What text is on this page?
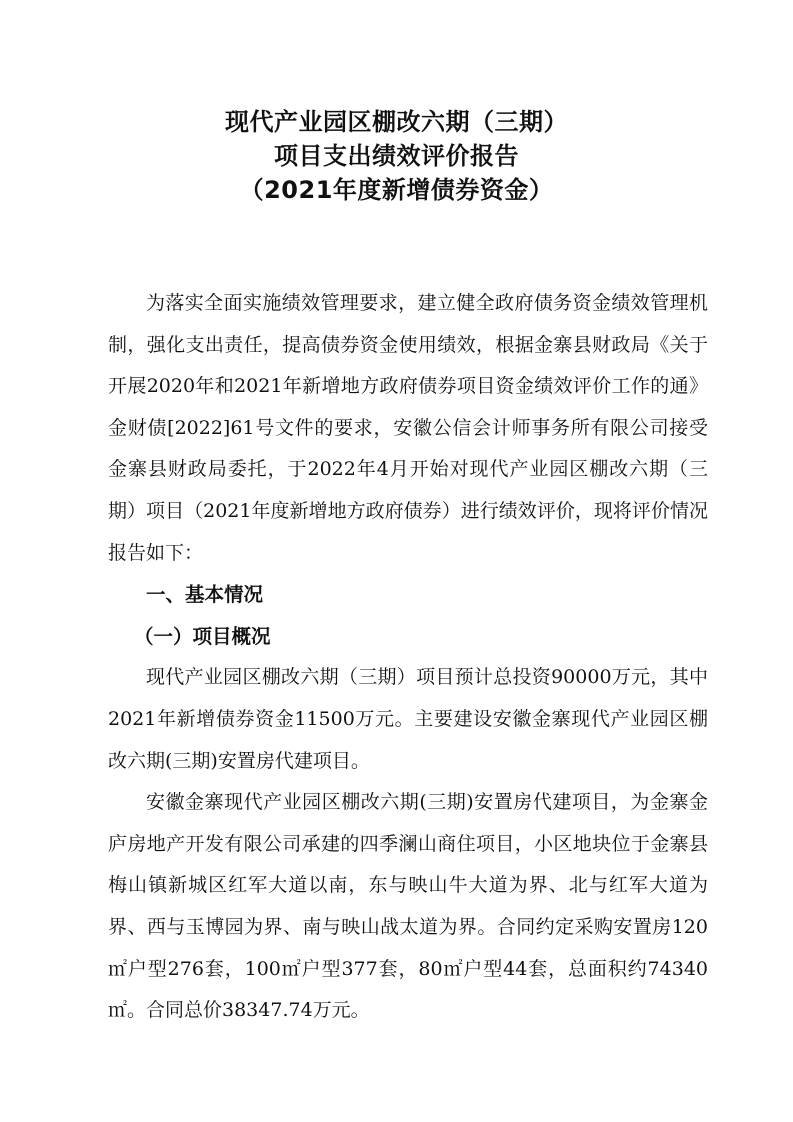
现代产业园区棚改六期（三期）
项目支出绩效评价报告
（2021年度新增债券资金）

为落实全面实施绩效管理要求，建立健全政府债务资金绩效管理机制，强化支出责任，提高债券资金使用绩效，根据金寨县财政局《关于开展2020年和2021年新增地方政府债券项目资金绩效评价工作的通》金财债[2022]61号文件的要求，安徽公信会计师事务所有限公司接受金寨县财政局委托，于2022年4月开始对现代产业园区棚改六期（三期）项目（2021年度新增地方政府债券）进行绩效评价，现将评价情况报告如下：

一、基本情况
（一）项目概况

现代产业园区棚改六期（三期）项目预计总投资90000万元，其中2021年新增债券资金11500万元。主要建设安徽金寨现代产业园区棚改六期(三期)安置房代建项目。

安徽金寨现代产业园区棚改六期(三期)安置房代建项目，为金寨金庐房地产开发有限公司承建的四季澜山商住项目，小区地块位于金寨县梅山镇新城区红军大道以南，东与映山牛大道为界、北与红军大道为界、西与玉博园为界、南与映山战太道为界。合同约定采购安置房120㎡户型276套，100㎡户型377套，80㎡户型44套，总面积约74340㎡。合同总价38347.74万元。
